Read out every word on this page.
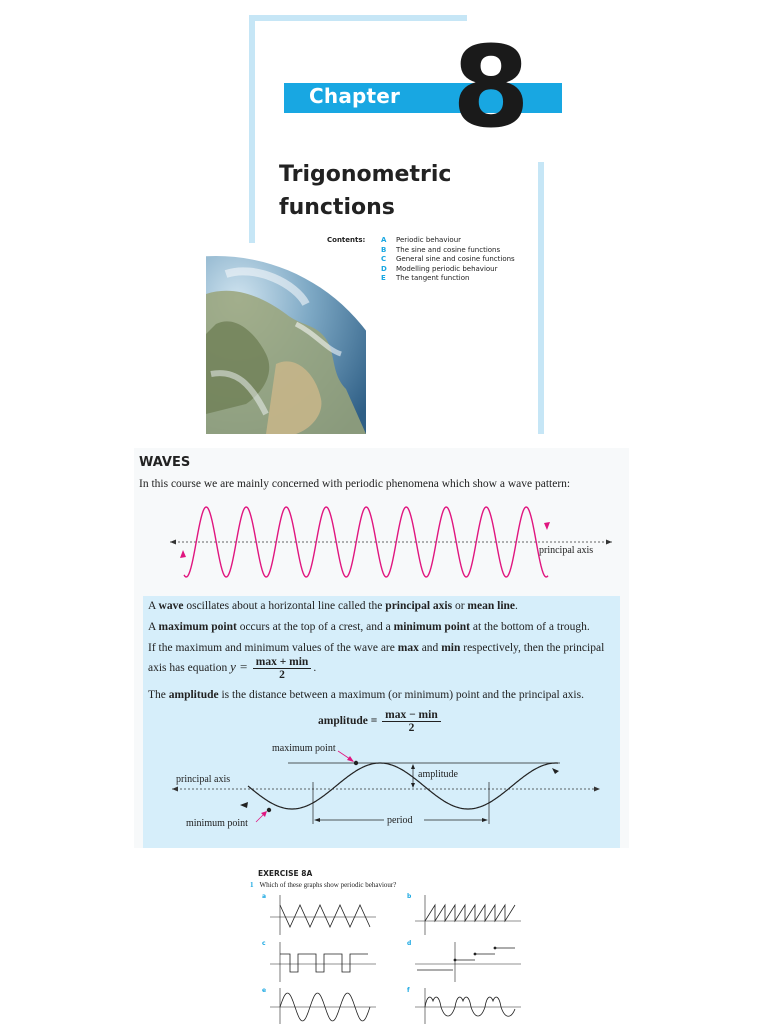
Chapter 8
Trigonometric
functions
Contents: A Periodic behaviour
B The sine and cosine functions
C General sine and cosine functions
D Modelling periodic behaviour
E The tangent function
WAVES
In this course we are mainly concerned with periodic phenomena which show a wave pattern:
principal axis
A wave oscillates about a horizontal line called the principal axis or mean line.
A maximum point occurs at the top of a crest, and a minimum point at the bottom of a trough.
If the maximum and minimum values of the wave are max and min respectively, then the principal
axis has equation $y = \frac{\max + \min}{2}$ .
The amplitude is the distance between a maximum (or minimum) point and the principal axis.
amplitude = $\frac{\max - \min}{2}$
maximum point
principal axis	amplitude
minimum point	period
EXERCISE 8A
1 Which of these graphs show periodic behaviour?
a	b
c	d
e	f
